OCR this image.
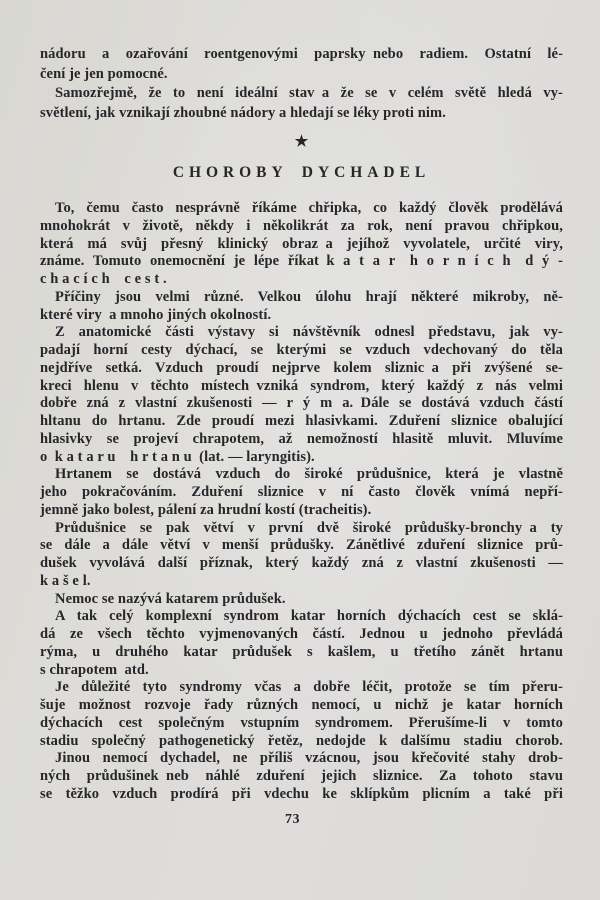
nádoru a ozařování roentgenovými paprsky nebo radiem. Ostatní lé-
čení je jen pomocné.
Samozřejmě, že to není ideální stav a že se v celém světě hledá vy-
světlení, jak vznikají zhoubné nádory a hledají se léky proti nim.
★
CHOROBY DYCHADEL
To, čemu často nesprávně říkáme chřipka, co každý člověk prodělává
mnohokrát v životě, někdy i několikrát za rok, není pravou chřipkou,
která má svůj přesný klinický obraz a jejíhož vyvolatele, určité viry,
známe. Tomuto onemocnění je lépe říkat k a t a r h o r n í c h d ý -
c h a c í c h c e s t .
Příčiny jsou velmi různé. Velkou úlohu hrají některé mikroby, ně-
které viry a mnoho jiných okolností.
Z anatomické části výstavy si návštěvník odnesl představu, jak vy-
padají horní cesty dýchací, se kterými se vzduch vdechovaný do těla
nejdříve setká. Vzduch proudí nejprve kolem sliznic a při zvýšené se-
kreci hlenu v těchto místech vzniká syndrom, který každý z nás velmi
dobře zná z vlastní zkušenosti — r ý m a. Dále se dostává vzduch částí
hltanu do hrtanu. Zde proudí mezi hlasivkami. Zduření sliznice obalující
hlasivky se projeví chrapotem, až nemožností hlasitě mluvit. Mluvíme
o k a t a r u h r t a n u (lat. — laryngitis).
Hrtanem se dostává vzduch do široké průdušnice, která je vlastně
jeho pokračováním. Zduření sliznice v ní často člověk vnímá nepří-
jemně jako bolest, pálení za hrudní kostí (tracheitis).
Průdušnice se pak větví v první dvě široké průdušky-bronchy a ty
se dále a dále větví v menší průdušky. Zánětlivé zduření sliznice prů-
dušek vyvolává další příznak, který každý zná z vlastní zkušenosti —
k a š e l.
Nemoc se nazývá katarem průdušek.
A tak celý komplexní syndrom katar horních dýchacích cest se sklá-
dá ze všech těchto vyjmenovaných částí. Jednou u jednoho převládá
rýma, u druhého katar průdušek s kašlem, u třetího zánět hrtanu
s chrapotem atd.
Je důležité tyto syndromy včas a dobře léčit, protože se tím přeru-
šuje možnost rozvoje řady různých nemocí, u nichž je katar horních
dýchacích cest společným vstupním syndromem. Přerušíme-li v tomto
stadiu společný pathogenetický řetěz, nedojde k dalšímu stadiu chorob.
Jinou nemocí dychadel, ne příliš vzácnou, jsou křečovité stahy drob-
ných průdušinek neb náhlé zduření jejich sliznice. Za tohoto stavu
se těžko vzduch prodírá při vdechu ke sklípkům plicním a také při
73
